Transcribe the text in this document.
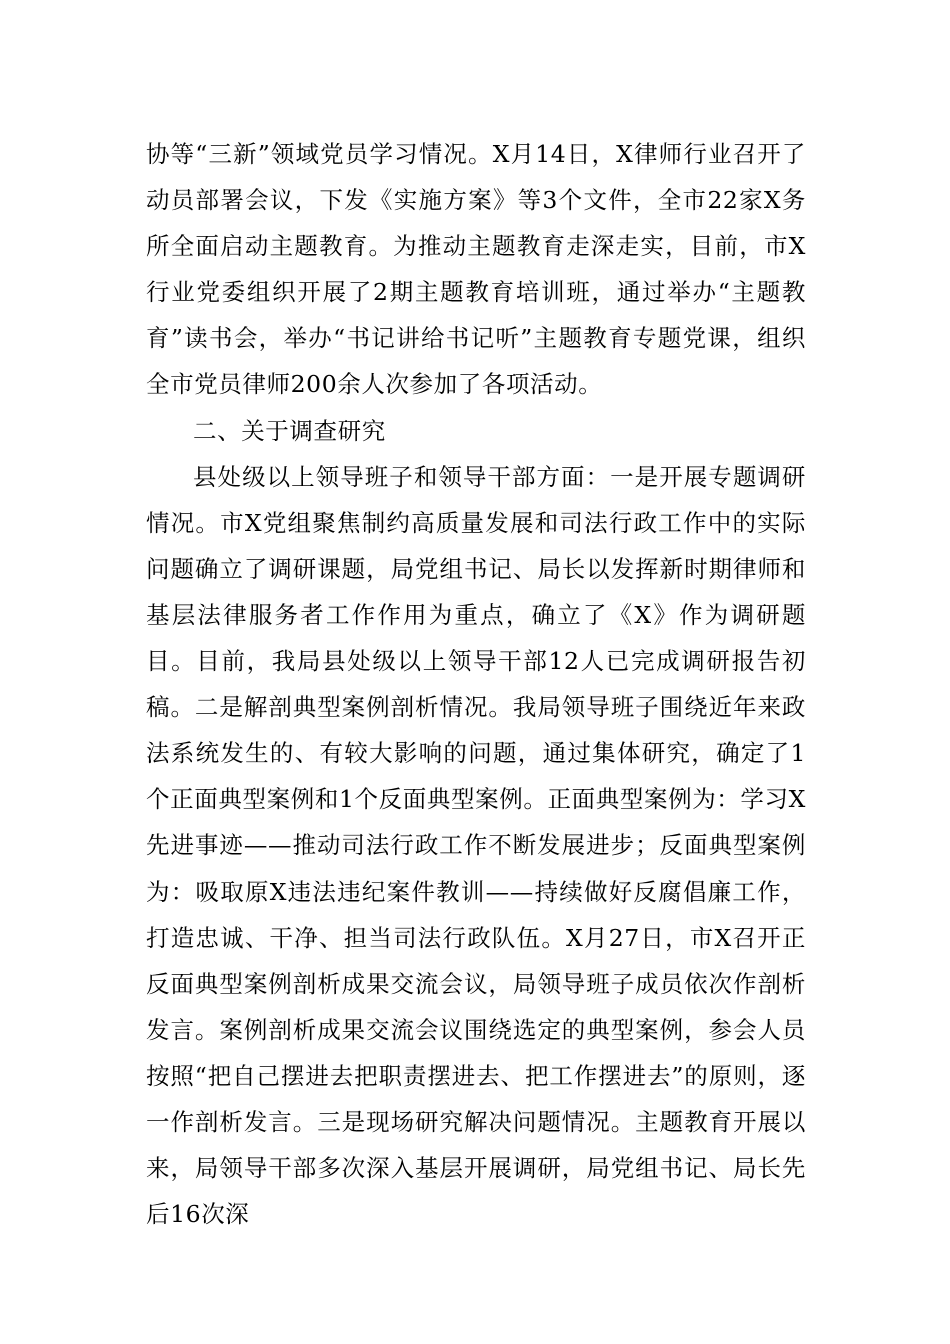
协等“三新”领域党员学习情况。X月14日，X律师行业召开了动员部署会议，下发《实施方案》等3个文件，全市22家X务所全面启动主题教育。为推动主题教育走深走实，目前，市X行业党委组织开展了2期主题教育培训班，通过举办“主题教育”读书会，举办“书记讲给书记听”主题教育专题党课，组织全市党员律师200余人次参加了各项活动。

二、关于调查研究

县处级以上领导班子和领导干部方面：一是开展专题调研情况。市X党组聚焦制约高质量发展和司法行政工作中的实际问题确立了调研课题，局党组书记、局长以发挥新时期律师和基层法律服务者工作作用为重点，确立了《X》作为调研题目。目前，我局县处级以上领导干部12人已完成调研报告初稿。二是解剖典型案例剖析情况。我局领导班子围绕近年来政法系统发生的、有较大影响的问题，通过集体研究，确定了1个正面典型案例和1个反面典型案例。正面典型案例为：学习X先进事迹——推动司法行政工作不断发展进步；反面典型案例为：吸取原X违法违纪案件教训——持续做好反腐倡廉工作，打造忠诚、干净、担当司法行政队伍。X月27日，市X召开正反面典型案例剖析成果交流会议，局领导班子成员依次作剖析发言。案例剖析成果交流会议围绕选定的典型案例，参会人员按照“把自己摆进去把职责摆进去、把工作摆进去”的原则，逐一作剖析发言。三是现场研究解决问题情况。主题教育开展以来，局领导干部多次深入基层开展调研，局党组书记、局长先后16次深
